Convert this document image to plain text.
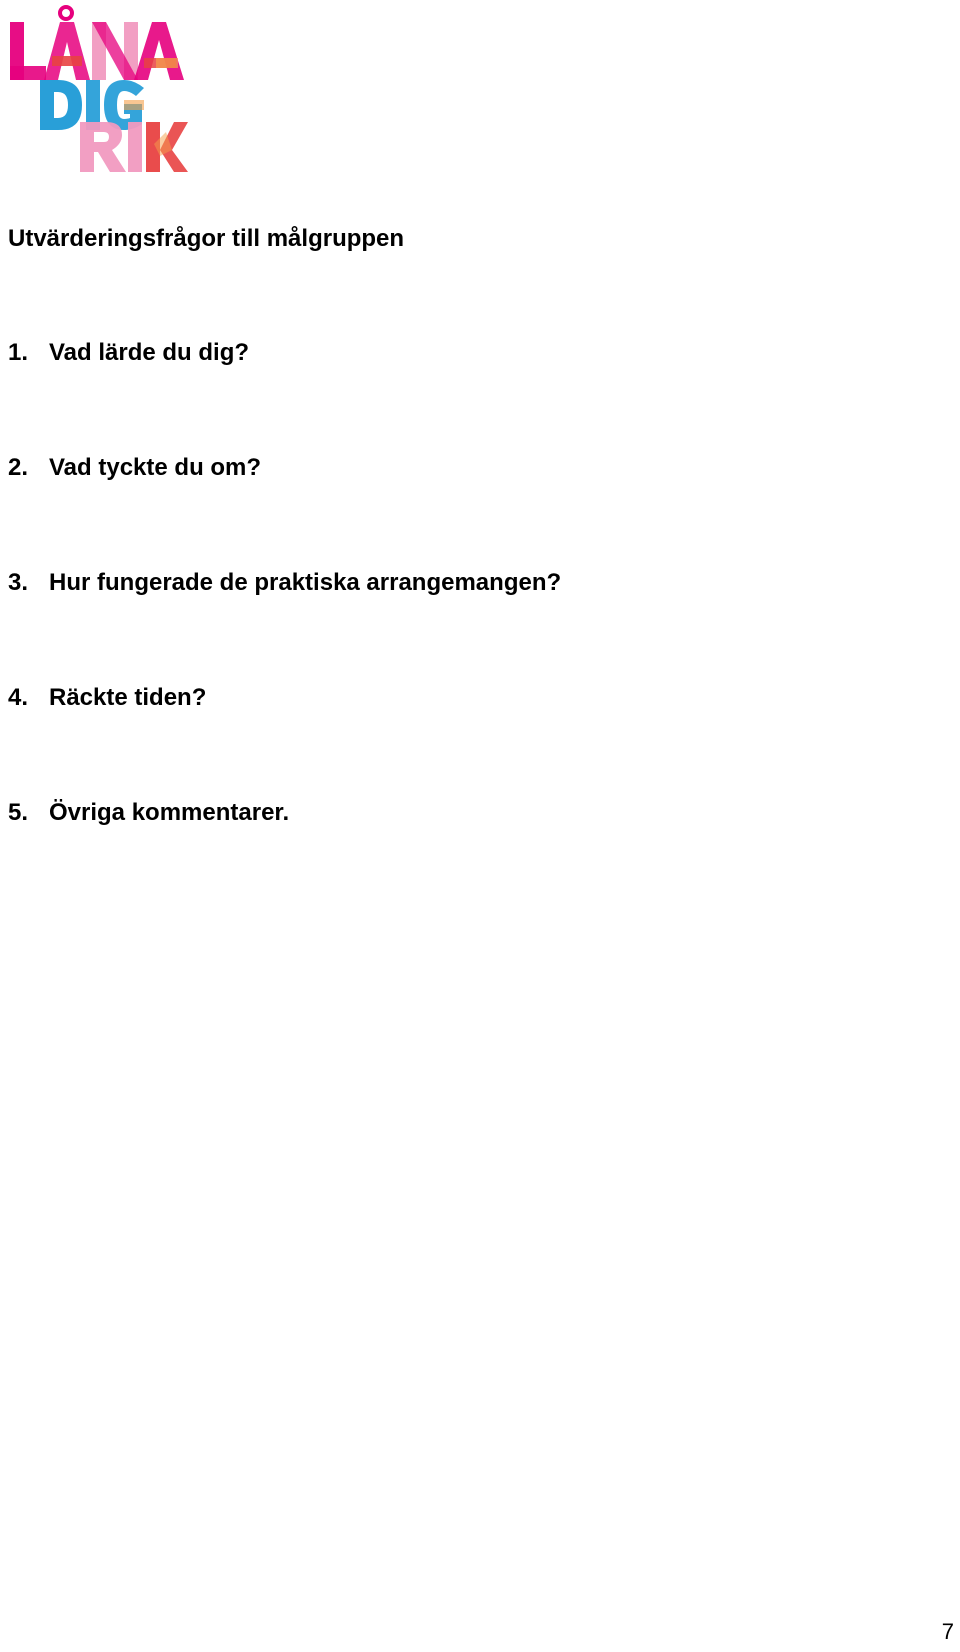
Utvärderingsfrågor till målgruppen
1. Vad lärde du dig?
2. Vad tyckte du om?
3. Hur fungerade de praktiska arrangemangen?
4. Räckte tiden?
5. Övriga kommentarer.
7
